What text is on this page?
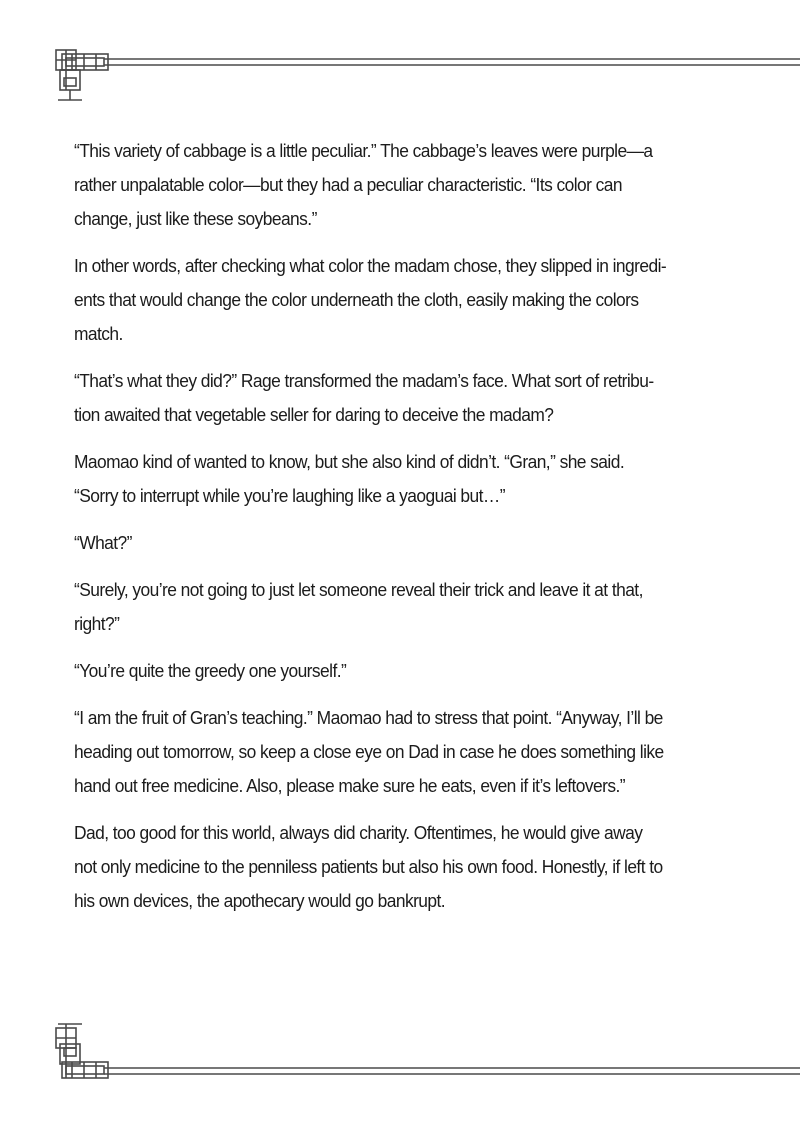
“This variety of cabbage is a little peculiar.” The cabbage’s leaves were purple—a rather unpalatable color—but they had a peculiar characteristic. “Its color can change, just like these soybeans.”

In other words, after checking what color the madam chose, they slipped in ingredi-ents that would change the color underneath the cloth, easily making the colors match.

“That’s what they did?” Rage transformed the madam’s face. What sort of retribu-tion awaited that vegetable seller for daring to deceive the madam?

Maomao kind of wanted to know, but she also kind of didn’t. “Gran,” she said. “Sorry to interrupt while you’re laughing like a yaoguai but…”

“What?”

“Surely, you’re not going to just let someone reveal their trick and leave it at that, right?”

“You’re quite the greedy one yourself.”

“I am the fruit of Gran’s teaching.” Maomao had to stress that point. “Anyway, I’ll be heading out tomorrow, so keep a close eye on Dad in case he does something like hand out free medicine. Also, please make sure he eats, even if it’s leftovers.”

Dad, too good for this world, always did charity. Oftentimes, he would give away not only medicine to the penniless patients but also his own food. Honestly, if left to his own devices, the apothecary would go bankrupt.
